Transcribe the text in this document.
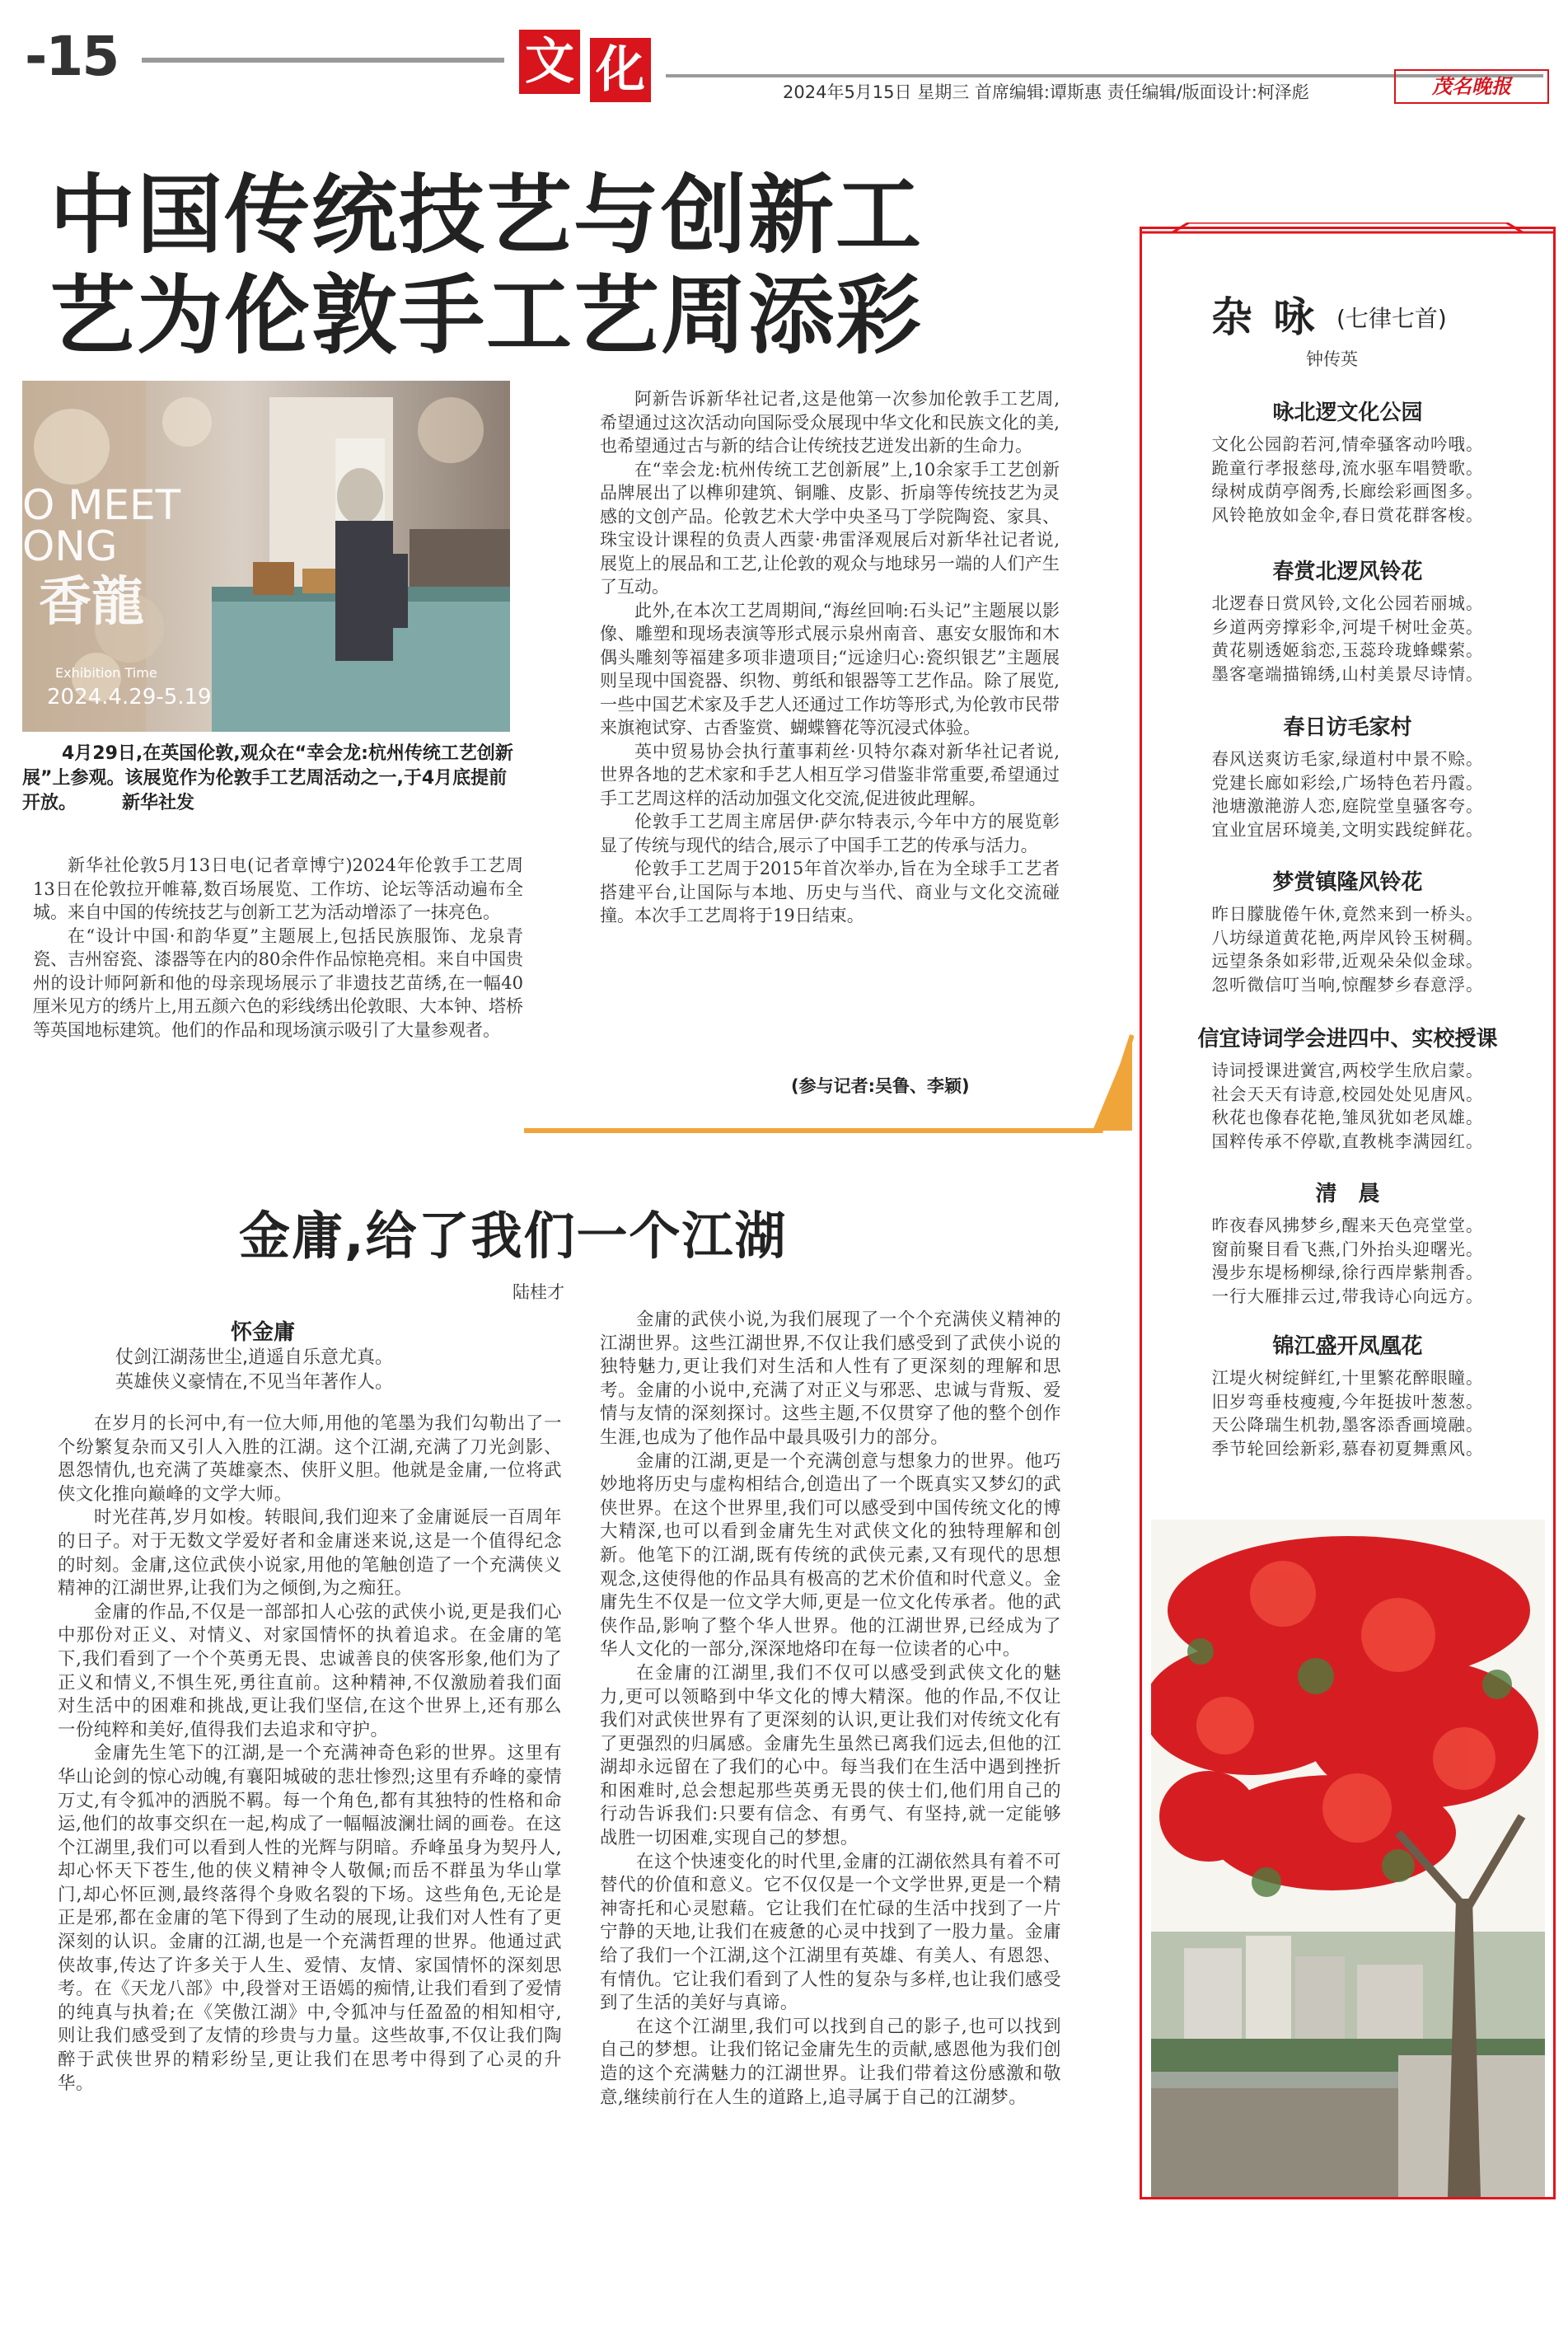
-15	文 化	2024年5月15日 星期三 首席编辑:谭斯惠 责任编辑/版面设计:柯泽彪	茂名晚报
中国传统技艺与创新工
艺为伦敦手工艺周添彩
O MEET
ONG
香龍
Exhibition Time
2024.4.29-5.19
4月29日,在英国伦敦,观众在“幸会龙:杭州传统工艺创新展”上参观。该展览作为伦敦手工艺周活动之一,于4月底提前开放。　　　新华社发

新华社伦敦5月13日电(记者章博宁)2024年伦敦手工艺周13日在伦敦拉开帷幕,数百场展览、工作坊、论坛等活动遍布全城。来自中国的传统技艺与创新工艺为活动增添了一抹亮色。

在“设计中国·和韵华夏”主题展上,包括民族服饰、龙泉青瓷、吉州窑瓷、漆器等在内的80余件作品惊艳亮相。来自中国贵州的设计师阿新和他的母亲现场展示了非遗技艺苗绣,在一幅40厘米见方的绣片上,用五颜六色的彩线绣出伦敦眼、大本钟、塔桥等英国地标建筑。他们的作品和现场演示吸引了大量参观者。

阿新告诉新华社记者,这是他第一次参加伦敦手工艺周,希望通过这次活动向国际受众展现中华文化和民族文化的美,也希望通过古与新的结合让传统技艺迸发出新的生命力。

在“幸会龙:杭州传统工艺创新展”上,10余家手工艺创新品牌展出了以榫卯建筑、铜雕、皮影、折扇等传统技艺为灵感的文创产品。伦敦艺术大学中央圣马丁学院陶瓷、家具、珠宝设计课程的负责人西蒙·弗雷泽观展后对新华社记者说,展览上的展品和工艺,让伦敦的观众与地球另一端的人们产生了互动。

此外,在本次工艺周期间,“海丝回响:石头记”主题展以影像、雕塑和现场表演等形式展示泉州南音、惠安女服饰和木偶头雕刻等福建多项非遗项目;“远途归心:瓷织银艺”主题展则呈现中国瓷器、织物、剪纸和银器等工艺作品。除了展览,一些中国艺术家及手艺人还通过工作坊等形式,为伦敦市民带来旗袍试穿、古香鉴赏、蝴蝶簪花等沉浸式体验。

英中贸易协会执行董事莉丝·贝特尔森对新华社记者说,世界各地的艺术家和手艺人相互学习借鉴非常重要,希望通过手工艺周这样的活动加强文化交流,促进彼此理解。

伦敦手工艺周主席居伊·萨尔特表示,今年中方的展览彰显了传统与现代的结合,展示了中国手工艺的传承与活力。

伦敦手工艺周于2015年首次举办,旨在为全球手工艺者搭建平台,让国际与本地、历史与当代、商业与文化交流碰撞。本次手工艺周将于19日结束。

(参与记者:吴鲁、李颖)
杂 咏 (七律七首)
钟传英
咏北逻文化公园
文化公园韵若河,情牵骚客动吟哦。
跪童行孝报慈母,流水驱车唱赞歌。
绿树成荫亭阁秀,长廊绘彩画图多。
风铃艳放如金伞,春日赏花群客梭。
春赏北逻风铃花
北逻春日赏风铃,文化公园若丽城。
乡道两旁撑彩伞,河堤千树吐金英。
黄花剔透姬翁恋,玉蕊玲珑蜂蝶萦。
墨客毫端描锦绣,山村美景尽诗情。
春日访毛家村
春风送爽访毛家,绿道村中景不赊。
党建长廊如彩绘,广场特色若丹霞。
池塘激滟游人恋,庭院堂皇骚客夸。
宜业宜居环境美,文明实践绽鲜花。
梦赏镇隆风铃花
昨日朦胧倦午休,竟然来到一桥头。
八坊绿道黄花艳,两岸风铃玉树稠。
远望条条如彩带,近观朵朵似金球。
忽听微信叮当响,惊醒梦乡春意浮。
信宜诗词学会进四中、实校授课
诗词授课进黉宫,两校学生欣启蒙。
社会天天有诗意,校园处处见唐风。
秋花也像春花艳,雏凤犹如老凤雄。
国粹传承不停歇,直教桃李满园红。
清　晨
昨夜春风拂梦乡,醒来天色亮堂堂。
窗前聚目看飞燕,门外抬头迎曙光。
漫步东堤杨柳绿,徐行西岸紫荆香。
一行大雁排云过,带我诗心向远方。
锦江盛开凤凰花
江堤火树绽鲜红,十里繁花醉眼瞳。
旧岁弯垂枝瘦瘦,今年挺拔叶葱葱。
天公降瑞生机勃,墨客添香画境融。
季节轮回绘新彩,慕春初夏舞熏风。
金庸,给了我们一个江湖
陆桂才
怀金庸
仗剑江湖荡世尘,逍遥自乐意尤真。
英雄侠义豪情在,不见当年著作人。

在岁月的长河中,有一位大师,用他的笔墨为我们勾勒出了一个纷繁复杂而又引人入胜的江湖。这个江湖,充满了刀光剑影、恩怨情仇,也充满了英雄豪杰、侠肝义胆。他就是金庸,一位将武侠文化推向巅峰的文学大师。

时光荏苒,岁月如梭。转眼间,我们迎来了金庸诞辰一百周年的日子。对于无数文学爱好者和金庸迷来说,这是一个值得纪念的时刻。金庸,这位武侠小说家,用他的笔触创造了一个充满侠义精神的江湖世界,让我们为之倾倒,为之痴狂。

金庸的作品,不仅是一部部扣人心弦的武侠小说,更是我们心中那份对正义、对情义、对家国情怀的执着追求。在金庸的笔下,我们看到了一个个英勇无畏、忠诚善良的侠客形象,他们为了正义和情义,不惧生死,勇往直前。这种精神,不仅激励着我们面对生活中的困难和挑战,更让我们坚信,在这个世界上,还有那么一份纯粹和美好,值得我们去追求和守护。

金庸先生笔下的江湖,是一个充满神奇色彩的世界。这里有华山论剑的惊心动魄,有襄阳城破的悲壮惨烈;这里有乔峰的豪情万丈,有令狐冲的洒脱不羁。每一个角色,都有其独特的性格和命运,他们的故事交织在一起,构成了一幅幅波澜壮阔的画卷。在这个江湖里,我们可以看到人性的光辉与阴暗。乔峰虽身为契丹人,却心怀天下苍生,他的侠义精神令人敬佩;而岳不群虽为华山掌门,却心怀叵测,最终落得个身败名裂的下场。这些角色,无论是正是邪,都在金庸的笔下得到了生动的展现,让我们对人性有了更深刻的认识。金庸的江湖,也是一个充满哲理的世界。他通过武侠故事,传达了许多关于人生、爱情、友情、家国情怀的深刻思考。在《天龙八部》中,段誉对王语嫣的痴情,让我们看到了爱情的纯真与执着;在《笑傲江湖》中,令狐冲与任盈盈的相知相守,则让我们感受到了友情的珍贵与力量。这些故事,不仅让我们陶醉于武侠世界的精彩纷呈,更让我们在思考中得到了心灵的升华。

金庸的武侠小说,为我们展现了一个个充满侠义精神的江湖世界。这些江湖世界,不仅让我们感受到了武侠小说的独特魅力,更让我们对生活和人性有了更深刻的理解和思考。金庸的小说中,充满了对正义与邪恶、忠诚与背叛、爱情与友情的深刻探讨。这些主题,不仅贯穿了他的整个创作生涯,也成为了他作品中最具吸引力的部分。

金庸的江湖,更是一个充满创意与想象力的世界。他巧妙地将历史与虚构相结合,创造出了一个既真实又梦幻的武侠世界。在这个世界里,我们可以感受到中国传统文化的博大精深,也可以看到金庸先生对武侠文化的独特理解和创新。他笔下的江湖,既有传统的武侠元素,又有现代的思想观念,这使得他的作品具有极高的艺术价值和时代意义。金庸先生不仅是一位文学大师,更是一位文化传承者。他的武侠作品,影响了整个华人世界。他的江湖世界,已经成为了华人文化的一部分,深深地烙印在每一位读者的心中。

在金庸的江湖里,我们不仅可以感受到武侠文化的魅力,更可以领略到中华文化的博大精深。他的作品,不仅让我们对武侠世界有了更深刻的认识,更让我们对传统文化有了更强烈的归属感。金庸先生虽然已离我们远去,但他的江湖却永远留在了我们的心中。每当我们在生活中遇到挫折和困难时,总会想起那些英勇无畏的侠士们,他们用自己的行动告诉我们:只要有信念、有勇气、有坚持,就一定能够战胜一切困难,实现自己的梦想。

在这个快速变化的时代里,金庸的江湖依然具有着不可替代的价值和意义。它不仅仅是一个文学世界,更是一个精神寄托和心灵慰藉。它让我们在忙碌的生活中找到了一片宁静的天地,让我们在疲惫的心灵中找到了一股力量。金庸给了我们一个江湖,这个江湖里有英雄、有美人、有恩怨、有情仇。它让我们看到了人性的复杂与多样,也让我们感受到了生活的美好与真谛。

在这个江湖里,我们可以找到自己的影子,也可以找到自己的梦想。让我们铭记金庸先生的贡献,感恩他为我们创造的这个充满魅力的江湖世界。让我们带着这份感激和敬意,继续前行在人生的道路上,追寻属于自己的江湖梦。
